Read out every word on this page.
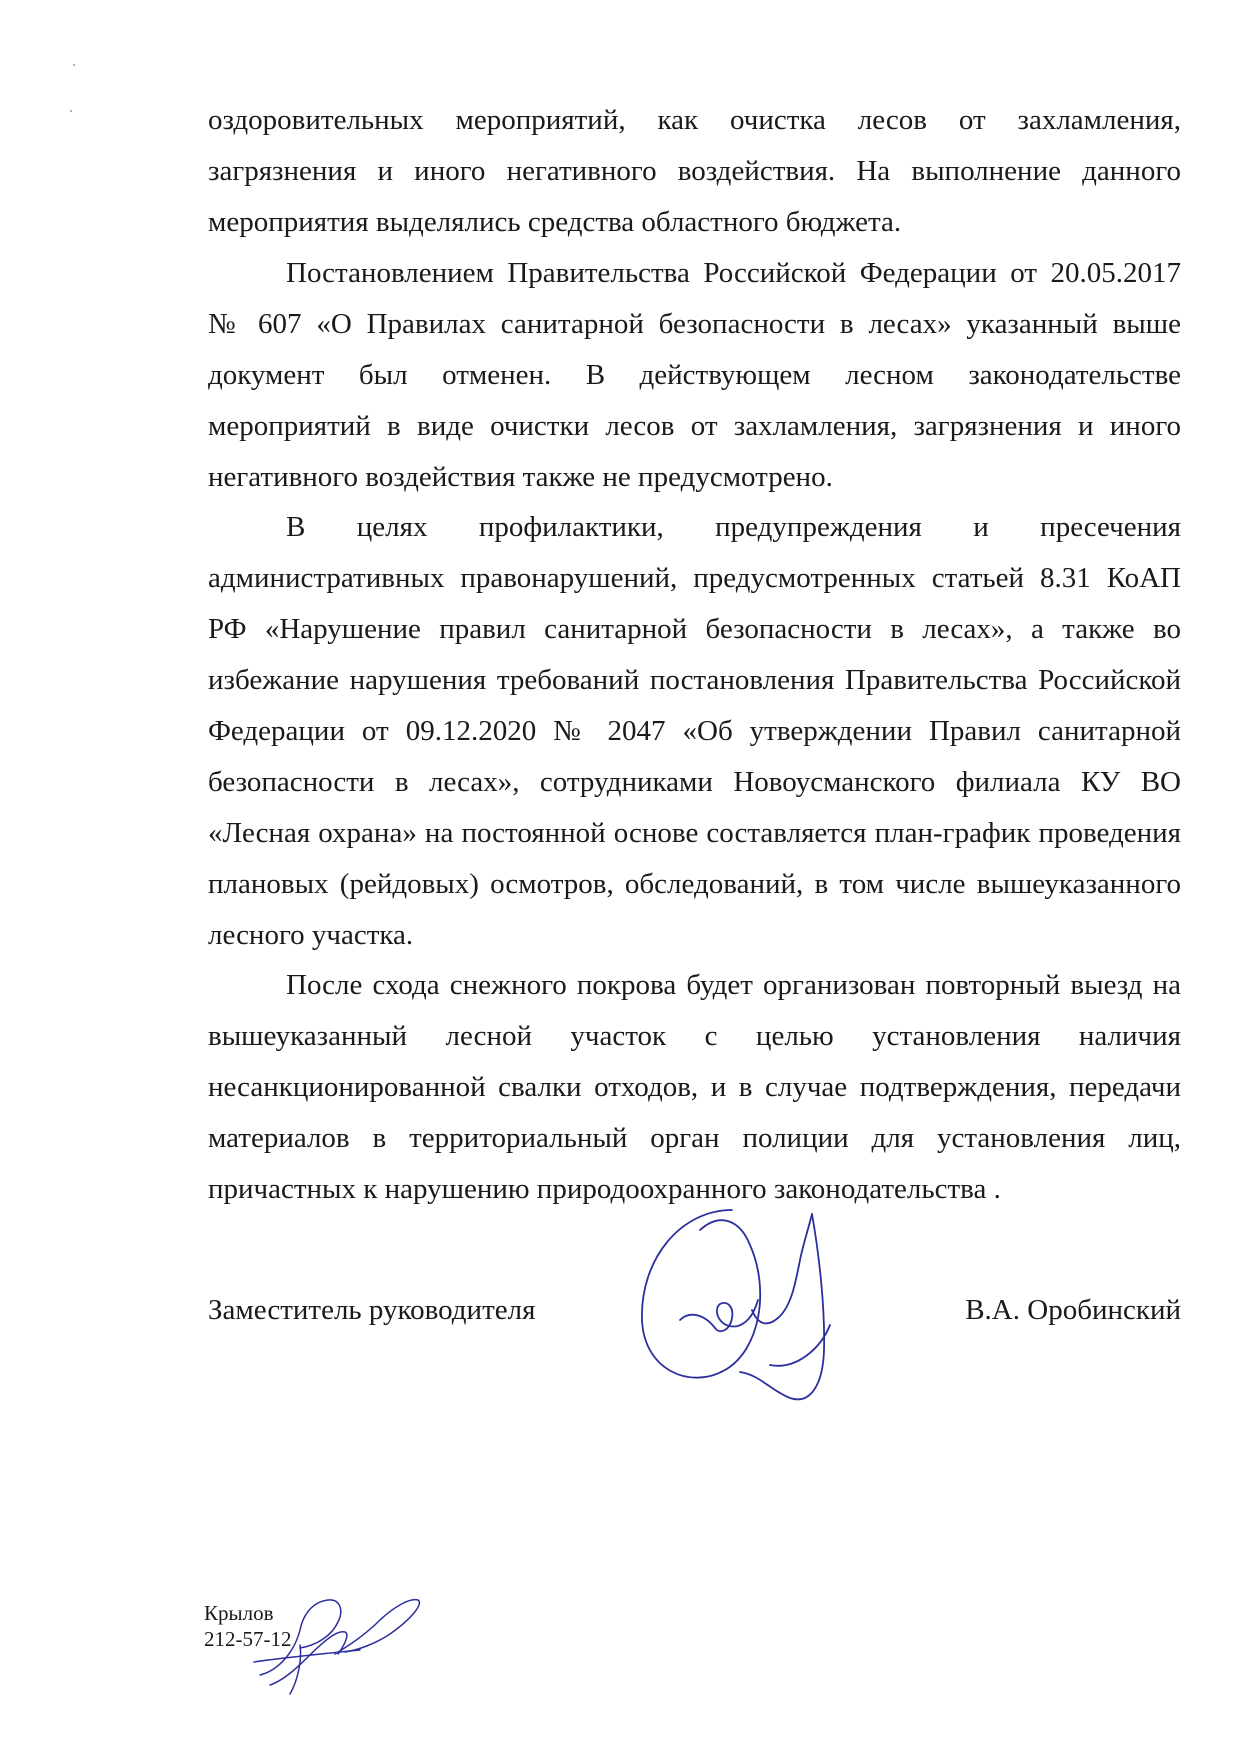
оздоровительных мероприятий, как очистка лесов от захламления, загрязнения и иного негативного воздействия. На выполнение данного мероприятия выделялись средства областного бюджета.
Постановлением Правительства Российской Федерации от 20.05.2017 № 607 «О Правилах санитарной безопасности в лесах» указанный выше документ был отменен. В действующем лесном законодательстве мероприятий в виде очистки лесов от захламления, загрязнения и иного негативного воздействия также не предусмотрено.
В целях профилактики, предупреждения и пресечения административных правонарушений, предусмотренных статьей 8.31 КоАП РФ «Нарушение правил санитарной безопасности в лесах», а также во избежание нарушения требований постановления Правительства Российской Федерации от 09.12.2020 № 2047 «Об утверждении Правил санитарной безопасности в лесах», сотрудниками Новоусманского филиала КУ ВО «Лесная охрана» на постоянной основе составляется план-график проведения плановых (рейдовых) осмотров, обследований, в том числе вышеуказанного лесного участка.
После схода снежного покрова будет организован повторный выезд на вышеуказанный лесной участок с целью установления наличия несанкционированной свалки отходов, и в случае подтверждения, передачи материалов в территориальный орган полиции для установления лиц, причастных к нарушению природоохранного законодательства .
Заместитель руководителя	В.А. Оробинский
Крылов
212-57-12
